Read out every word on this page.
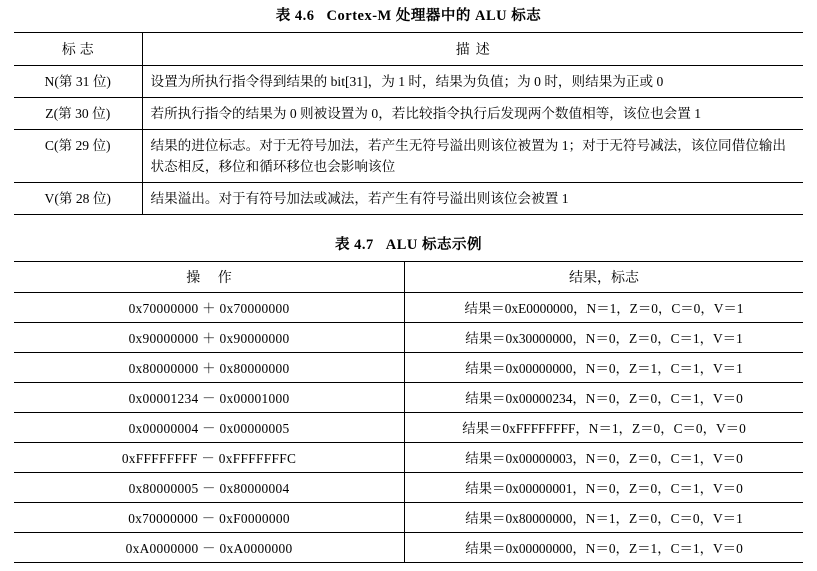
表 4.6 Cortex-M 处理器中的 ALU 标志
标志	描述
N(第 31 位)	设置为所执行指令得到结果的 bit[31]，为 1 时，结果为负值；为 0 时，则结果为正或 0
Z(第 30 位)	若所执行指令的结果为 0 则被设置为 0，若比较指令执行后发现两个数值相等，该位也会置 1
C(第 29 位)	结果的进位标志。对于无符号加法，若产生无符号溢出则该位被置为 1；对于无符号减法，该位同借位输出状态相反，移位和循环移位也会影响该位
V(第 28 位)	结果溢出。对于有符号加法或减法，若产生有符号溢出则该位会被置 1
表 4.7 ALU 标志示例
操 作	结果，标志
0x70000000 ＋ 0x70000000	结果＝0xE0000000，N＝1，Z＝0，C＝0，V＝1
0x90000000 ＋ 0x90000000	结果＝0x30000000，N＝0，Z＝0，C＝1，V＝1
0x80000000 ＋ 0x80000000	结果＝0x00000000，N＝0，Z＝1，C＝1，V＝1
0x00001234 － 0x00001000	结果＝0x00000234，N＝0，Z＝0，C＝1，V＝0
0x00000004 － 0x00000005	结果＝0xFFFFFFFF，N＝1，Z＝0，C＝0，V＝0
0xFFFFFFFF － 0xFFFFFFFC	结果＝0x00000003，N＝0，Z＝0，C＝1，V＝0
0x80000005 － 0x80000004	结果＝0x00000001，N＝0，Z＝0，C＝1，V＝0
0x70000000 － 0xF0000000	结果＝0x80000000，N＝1，Z＝0，C＝0，V＝1
0xA0000000 － 0xA0000000	结果＝0x00000000，N＝0，Z＝1，C＝1，V＝0
